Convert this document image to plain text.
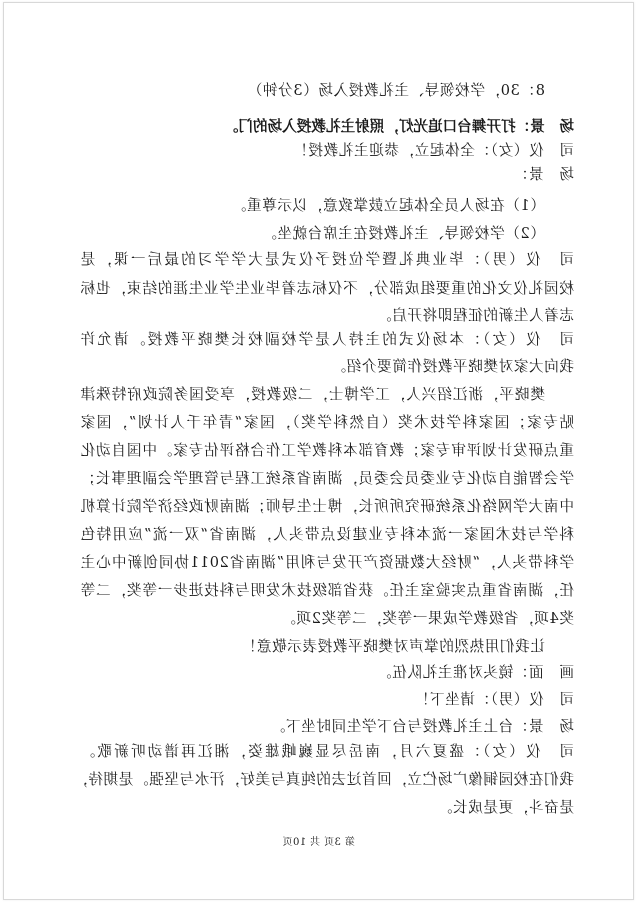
8：30，学校领导、主礼教授入场（3分钟）
场　景：打开舞台口追光灯，照射主礼教授入场的门。
司　仪（女）：全体起立，恭迎主礼教授！
场　景：
（1）在场人员全体起立鼓掌致意，以示尊重。
（2）学校领导、主礼教授在主席台就坐。
司　仪（男）：毕业典礼暨学位授予仪式是大学学习的最后一课，是
校园礼仪文化的重要组成部分，不仅标志着毕业生学业生涯的结束，也标
志着人生新的征程即将开启。
司　仪（女）：本场仪式的主持人是学校副校长樊晓平教授。请允许
我向大家对樊晓平教授作简要介绍。
樊晓平，浙江绍兴人，工学博士，二级教授，享受国务院政府特殊津
贴专家；国家科学技术奖（自然科学奖），国家“青年千人计划”，国家
重点研发计划评审专家；教育部本科教学工作合格评估专家。中国自动化
学会智能自动化专业委员会委员，湖南省系统工程与管理学会副理事长；
中南大学网络化系统研究所所长，博士生导师；湖南财政经济学院计算机
科学与技术国家一流本科专业建设点带头人，湖南省“双一流”应用特色
学科带头人，“财经大数据资产开发与利用”湖南省2011协同创新中心主
任，湖南省重点实验室主任。获省部级技术发明与科技进步一等奖，二等
奖4项，省级教学成果一等奖，二等奖2项。
让我们用热烈的掌声对樊晓平教授表示敬意！
画　面：镜头对准主礼队伍。
司　仪（男）：请坐下！
场　景：台上主礼教授与台下学生同时坐下。
司　仪（女）：盛夏六月，南岳尽显巍峨雄姿，湘江再谱动听新歌。
我们在校园铜像广场伫立，回首过去的纯真与美好，汗水与坚强。是期待，
是奋斗，更是成长。
第 3页 共 10页
